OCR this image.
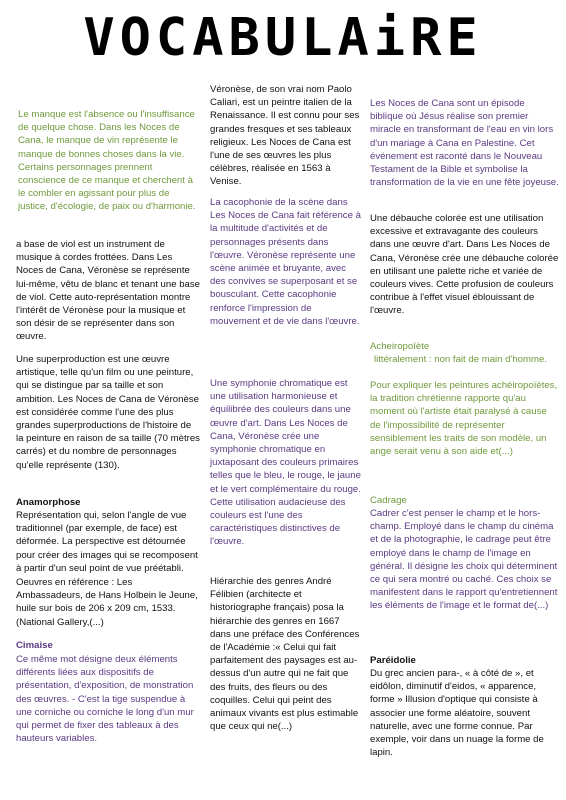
VOCABULAiRE

Le manque est l'absence ou l'insuffisance de quelque chose. Dans les Noces de Cana, le manque de vin représente le manque de bonnes choses dans la vie. Certains personnages prennent conscience de ce manque et cherchent à le combler en agissant pour plus de justice, d'écologie, de paix ou d'harmonie.

a base de viol est un instrument de musique à cordes frottées. Dans Les Noces de Cana, Véronèse se représente lui-même, vêtu de blanc et tenant une base de viol. Cette auto-représentation montre l'intérêt de Véronèse pour la musique et son désir de se représenter dans son œuvre.

Une superproduction est une œuvre artistique, telle qu'un film ou une peinture, qui se distingue par sa taille et son ambition. Les Noces de Cana de Véronèse est considérée comme l'une des plus grandes superproductions de l'histoire de la peinture en raison de sa taille (70 mètres carrés) et du nombre de personnages qu'elle représente (130).

Anamorphose

Représentation qui, selon l'angle de vue traditionnel (par exemple, de face) est déformée. La perspective est détournée pour créer des images qui se recomposent à partir d'un seul point de vue préétabli.

Oeuvres en référence : Les Ambassadeurs, de Hans Holbein le Jeune, huile sur bois de 206 x 209 cm, 1533. (National Gallery,(...)

Cimaise

Ce même mot désigne deux éléments différents liées aux dispositifs de présentation, d'exposition, de monstration des œuvres. - C'est la tige suspendue à une corniche ou corniche le long d'un mur qui permet de fixer des tableaux à des hauteurs variables.

Véronèse, de son vrai nom Paolo Caliari, est un peintre italien de la Renaissance. Il est connu pour ses grandes fresques et ses tableaux religieux. Les Noces de Cana est l'une de ses œuvres les plus célèbres, réalisée en 1563 à Venise.

La cacophonie de la scène dans Les Noces de Cana fait référence à la multitude d'activités et de personnages présents dans l'œuvre. Véronèse représente une scène animée et bruyante, avec des convives se superposant et se bousculant. Cette cacophonie renforce l'impression de mouvement et de vie dans l'œuvre.

Une symphonie chromatique est une utilisation harmonieuse et équilibrée des couleurs dans une œuvre d'art. Dans Les Noces de Cana, Véronèse crée une symphonie chromatique en juxtaposant des couleurs primaires telles que le bleu, le rouge, le jaune et le vert complémentaire du rouge. Cette utilisation audacieuse des couleurs est l'une des caractéristiques distinctives de l'œuvre.

Hiérarchie des genres André Félibien (architecte et historiographe français) posa la hiérarchie des genres en 1667 dans une préface des Conférences de l'Académie :« Celui qui fait parfaitement des paysages est au-dessus d'un autre qui ne fait que des fruits, des fleurs ou des coquilles. Celui qui peint des animaux vivants est plus estimable que ceux qui ne(...)

Les Noces de Cana sont un épisode biblique où Jésus réalise son premier miracle en transformant de l'eau en vin lors d'un mariage à Cana en Palestine. Cet événement est raconté dans le Nouveau Testament de la Bible et symbolise la transformation de la vie en une fête joyeuse.

Une débauche colorée est une utilisation excessive et extravagante des couleurs dans une œuvre d'art. Dans Les Noces de Cana, Véronèse crée une débauche colorée en utilisant une palette riche et variée de couleurs vives. Cette profusion de couleurs contribue à l'effet visuel éblouissant de l'œuvre.

Acheiropoïète

littéralement : non fait de main d'homme.

Pour expliquer les peintures achéiropoïètes, la tradition chrétienne rapporte qu'au moment où l'artiste était paralysé à cause de l'impossibilité de représenter sensiblement les traits de son modèle, un ange serait venu à son aide et(...)

Cadrage

Cadrer c'est penser le champ et le hors-champ. Employé dans le champ du cinéma et de la photographie, le cadrage peut être employé dans le champ de l'image en général. Il désigne les choix qui déterminent ce qui sera montré ou caché. Ces choix se manifestent dans le rapport qu'entretiennent les éléments de l'image et le format de(...)

Paréidolie

Du grec ancien para-, « à côté de », et eidôlon, diminutif d'eidos, « apparence, forme » Illusion d'optique qui consiste à associer une forme aléatoire, souvent naturelle, avec une forme connue. Par exemple, voir dans un nuage la forme de lapin.
